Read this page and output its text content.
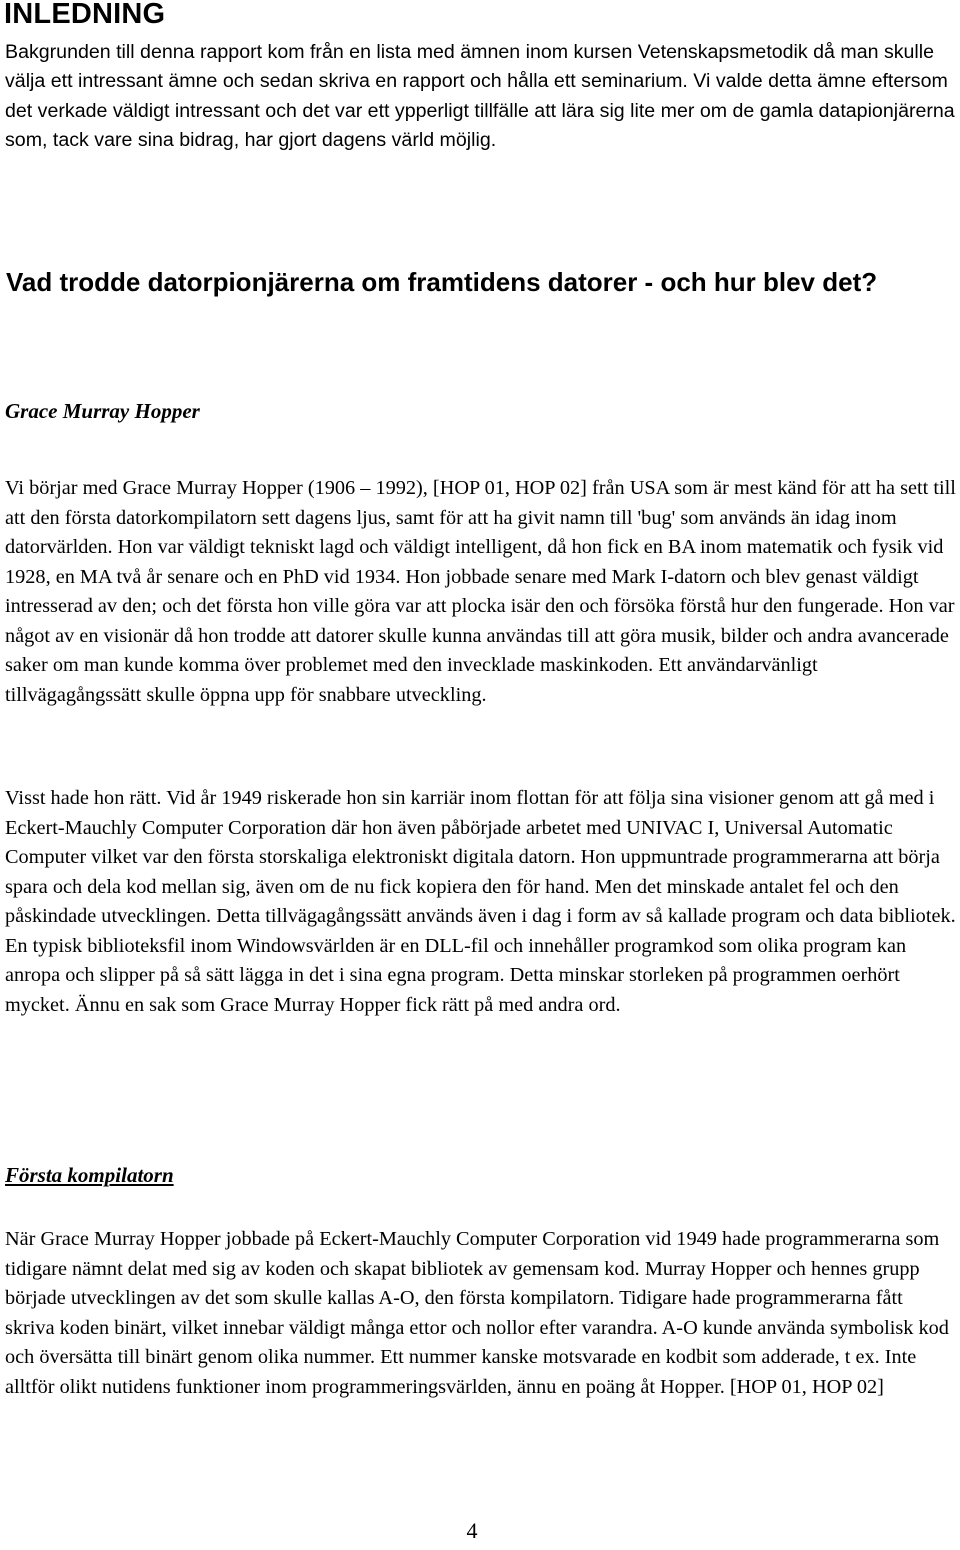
INLEDNING

Bakgrunden till denna rapport kom från en lista med ämnen inom kursen Vetenskapsmetodik då man skulle välja ett intressant ämne och sedan skriva en rapport och hålla ett seminarium. Vi valde detta ämne eftersom det verkade väldigt intressant och det var ett ypperligt tillfälle att lära sig lite mer om de gamla datapionjärerna som, tack vare sina bidrag, har gjort dagens värld möjlig.

Vad trodde datorpionjärerna om framtidens datorer - och hur blev det?

Grace Murray Hopper

Vi börjar med Grace Murray Hopper (1906 – 1992), [HOP 01, HOP 02] från USA som är mest känd för att ha sett till att den första datorkompilatorn sett dagens ljus, samt för att ha givit namn till 'bug' som används än idag inom datorvärlden. Hon var väldigt tekniskt lagd och väldigt intelligent, då hon fick en BA inom matematik och fysik vid 1928, en MA två år senare och en PhD vid 1934. Hon jobbade senare med Mark I-datorn och blev genast väldigt intresserad av den; och det första hon ville göra var att plocka isär den och försöka förstå hur den fungerade. Hon var något av en visionär då hon trodde att datorer skulle kunna användas till att göra musik, bilder och andra avancerade saker om man kunde komma över problemet med den invecklade maskinkoden. Ett användarvänligt tillvägagångssätt skulle öppna upp för snabbare utveckling.

Visst hade hon rätt. Vid år 1949 riskerade hon sin karriär inom flottan för att följa sina visioner genom att gå med i Eckert-Mauchly Computer Corporation där hon även påbörjade arbetet med UNIVAC I, Universal Automatic Computer vilket var den första storskaliga elektroniskt digitala datorn. Hon uppmuntrade programmerarna att börja spara och dela kod mellan sig, även om de nu fick kopiera den för hand. Men det minskade antalet fel och den påskindade utvecklingen. Detta tillvägagångssätt används även i dag i form av så kallade program och data bibliotek. En typisk biblioteksfil inom Windowsvärlden är en DLL-fil och innehåller programkod som olika program kan anropa och slipper på så sätt lägga in det i sina egna program. Detta minskar storleken på programmen oerhört mycket. Ännu en sak som Grace Murray Hopper fick rätt på med andra ord.

Första kompilatorn

När Grace Murray Hopper jobbade på Eckert-Mauchly Computer Corporation vid 1949 hade programmerarna som tidigare nämnt delat med sig av koden och skapat bibliotek av gemensam kod. Murray Hopper och hennes grupp började utvecklingen av det som skulle kallas A-O, den första kompilatorn. Tidigare hade programmerarna fått skriva koden binärt, vilket innebar väldigt många ettor och nollor efter varandra. A-O kunde använda symbolisk kod och översätta till binärt genom olika nummer. Ett nummer kanske motsvarade en kodbit som adderade, t ex. Inte alltför olikt nutidens funktioner inom programmeringsvärlden, ännu en poäng åt Hopper. [HOP 01, HOP 02]

4
